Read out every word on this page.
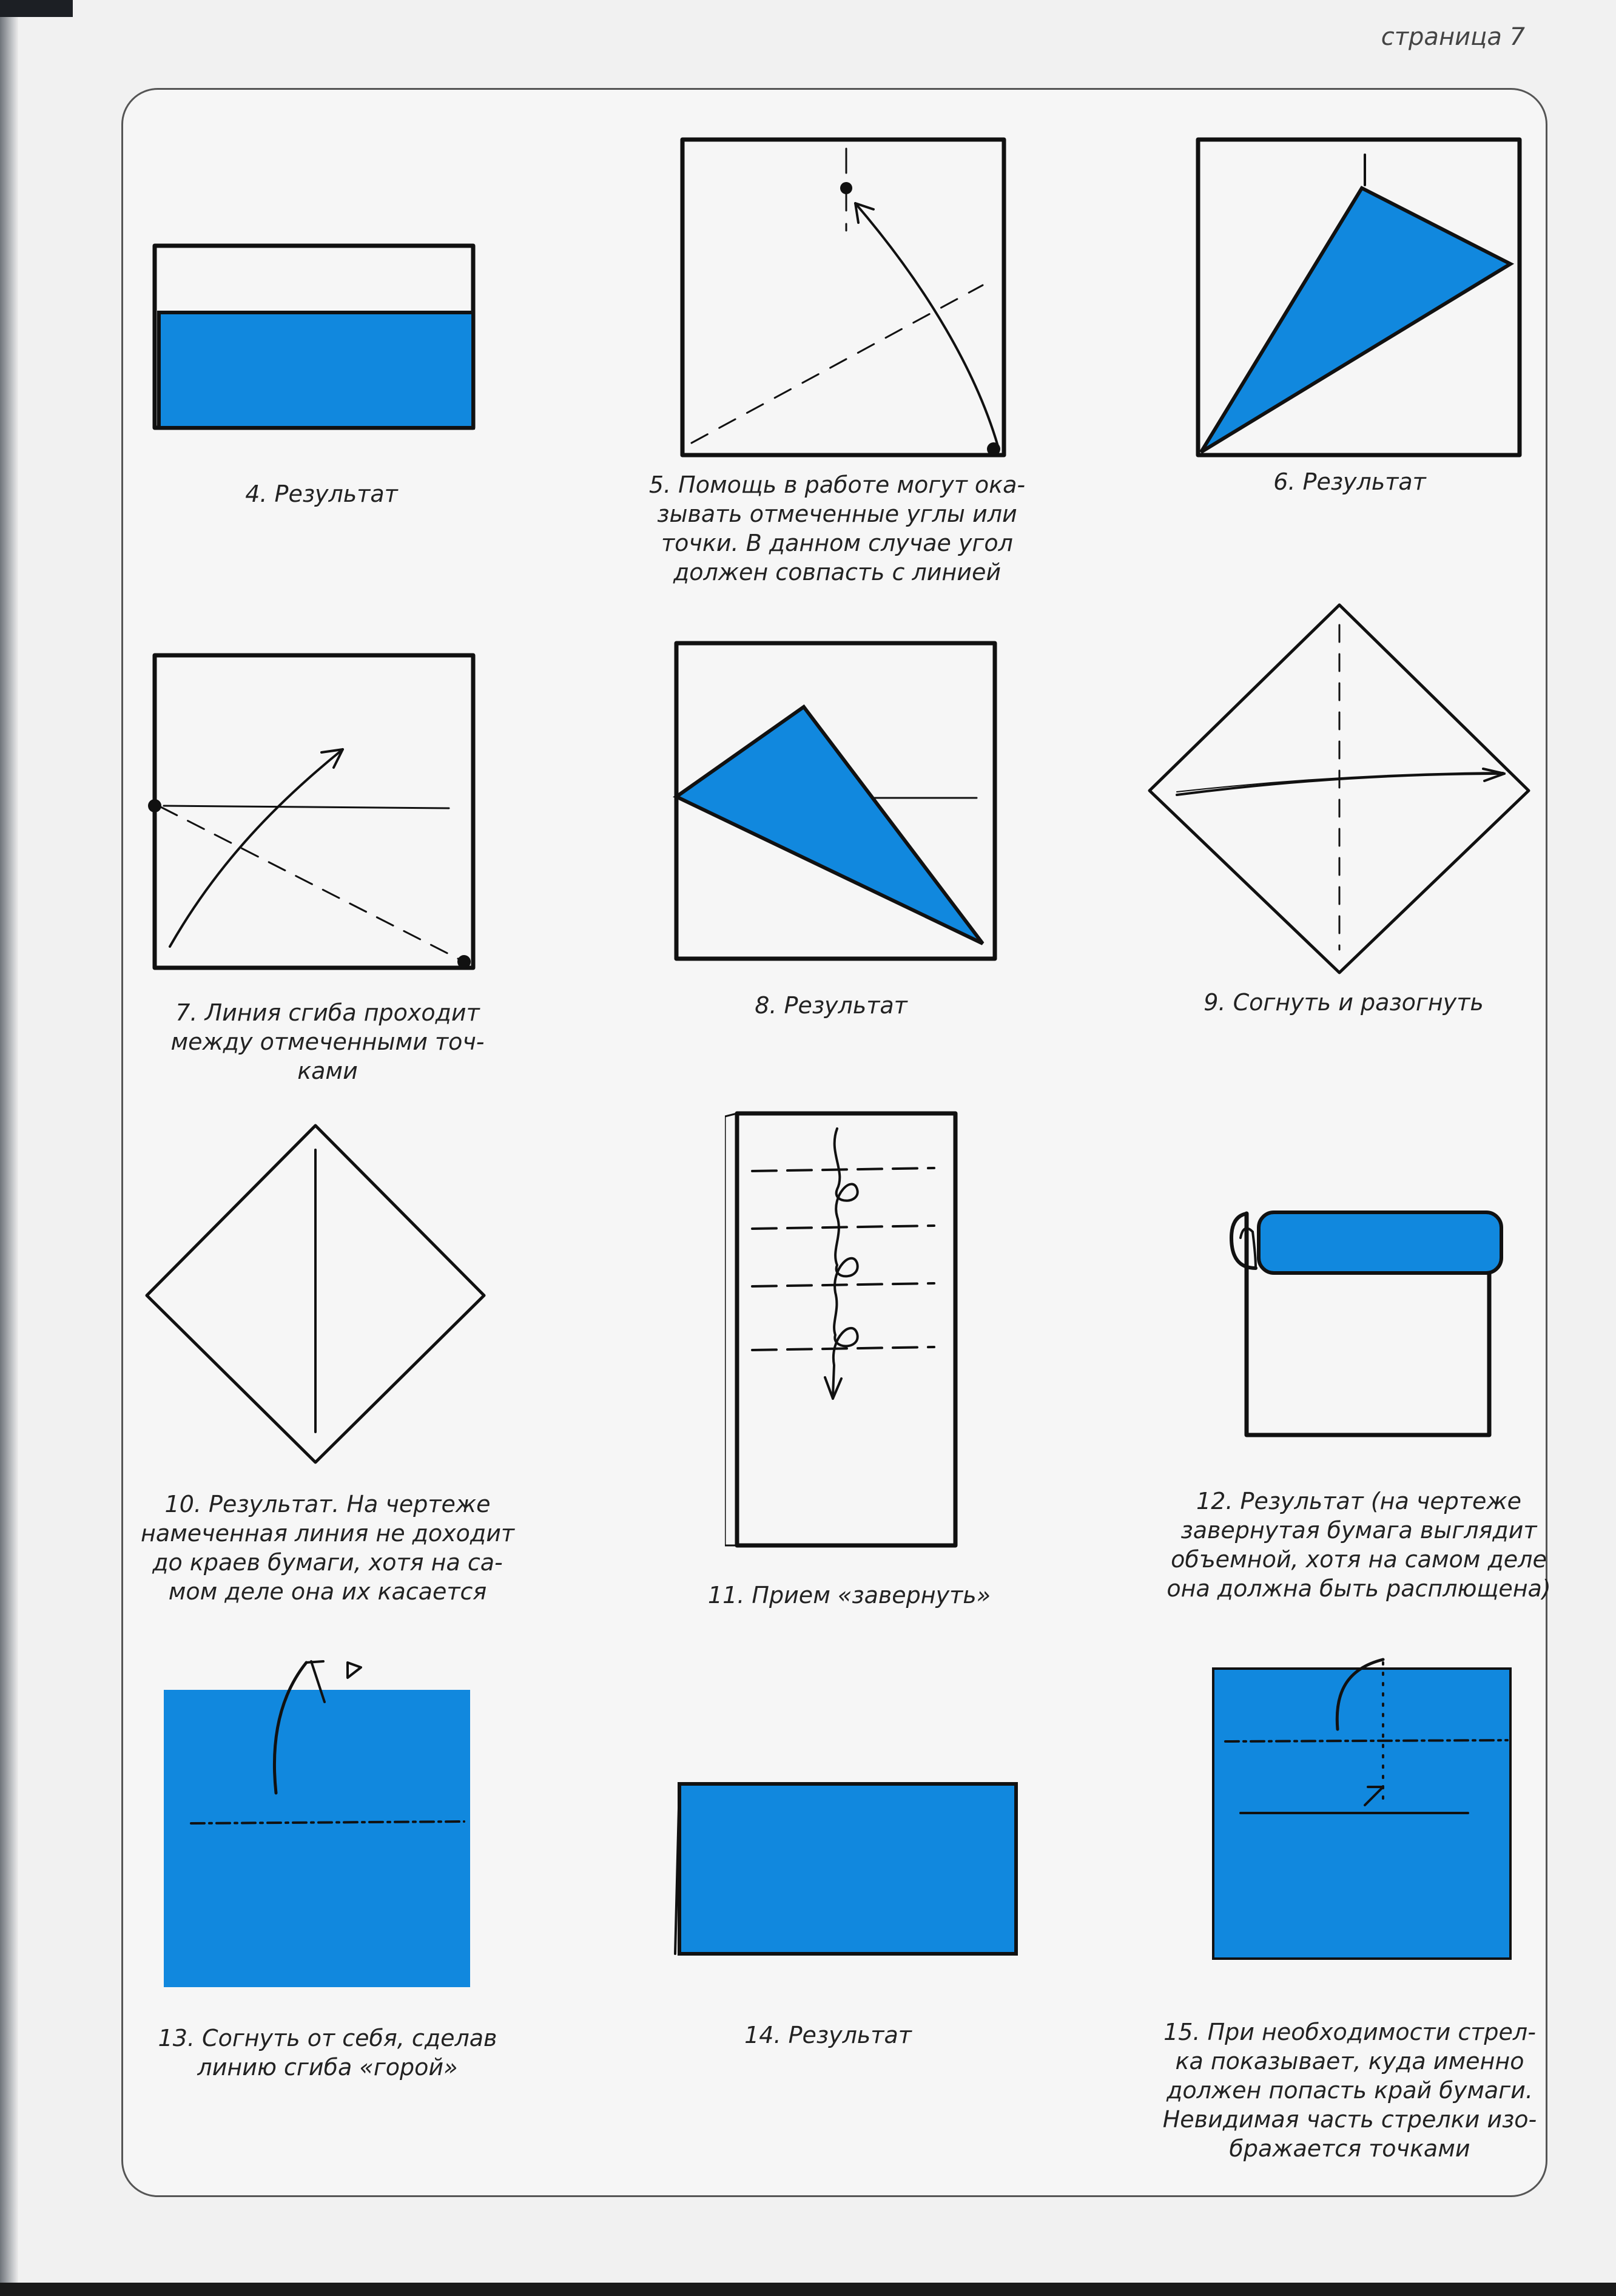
страница 7
4. Результат	5. Помощь в работе могут ока-
зывать отмеченные углы или
точки. В данном случае угол
должен совпасть с линией
6. Результат
7. Линия сгиба проходит
между отмеченными точ-
ками
8. Результат	9. Согнуть и разогнуть
10. Результат. На чертеже
намеченная линия не доходит
до краев бумаги, хотя на са-
мом деле она их касается	11. Прием «завернуть»
12. Результат (на чертеже
завернутая бумага выглядит
объемной, хотя на самом деле
она должна быть расплющена)
13. Согнуть от себя, сделав
линию сгиба «горой»
14. Результат	15. При необходимости стрел-
ка показывает, куда именно
должен попасть край бумаги.
Невидимая часть стрелки изо-
бражается точками
